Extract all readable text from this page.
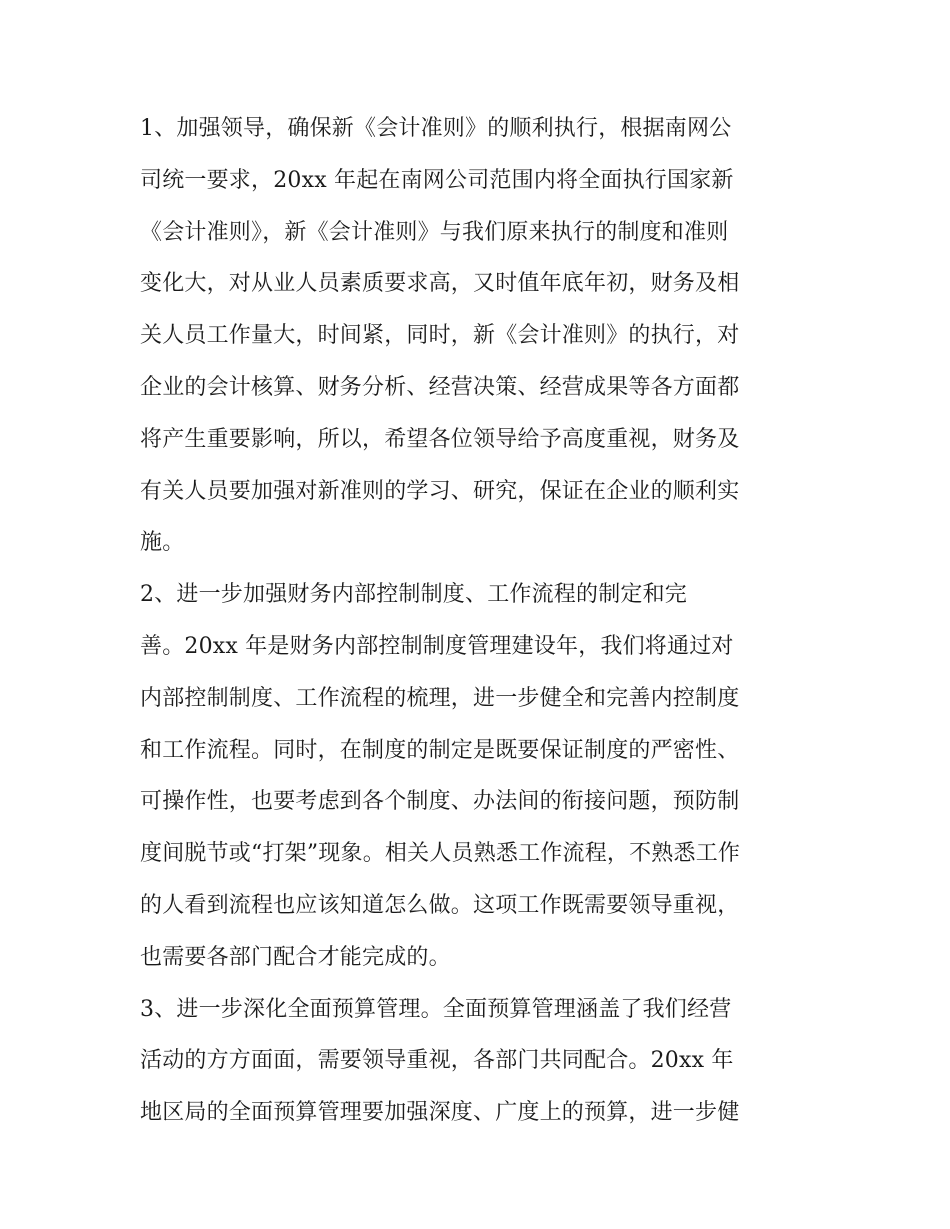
1、加强领导，确保新《会计准则》的顺利执行，根据南网公
司统一要求，20xx 年起在南网公司范围内将全面执行国家新
《会计准则》，新《会计准则》与我们原来执行的制度和准则
变化大，对从业人员素质要求高，又时值年底年初，财务及相
关人员工作量大，时间紧，同时，新《会计准则》的执行，对
企业的会计核算、财务分析、经营决策、经营成果等各方面都
将产生重要影响，所以，希望各位领导给予高度重视，财务及
有关人员要加强对新准则的学习、研究，保证在企业的顺利实
施。
2、进一步加强财务内部控制制度、工作流程的制定和完
善。20xx 年是财务内部控制制度管理建设年，我们将通过对
内部控制制度、工作流程的梳理，进一步健全和完善内控制度
和工作流程。同时，在制度的制定是既要保证制度的严密性、
可操作性，也要考虑到各个制度、办法间的衔接问题，预防制
度间脱节或“打架”现象。相关人员熟悉工作流程，不熟悉工作
的人看到流程也应该知道怎么做。这项工作既需要领导重视，
也需要各部门配合才能完成的。
3、进一步深化全面预算管理。全面预算管理涵盖了我们经营
活动的方方面面，需要领导重视，各部门共同配合。20xx 年
地区局的全面预算管理要加强深度、广度上的预算，进一步健
